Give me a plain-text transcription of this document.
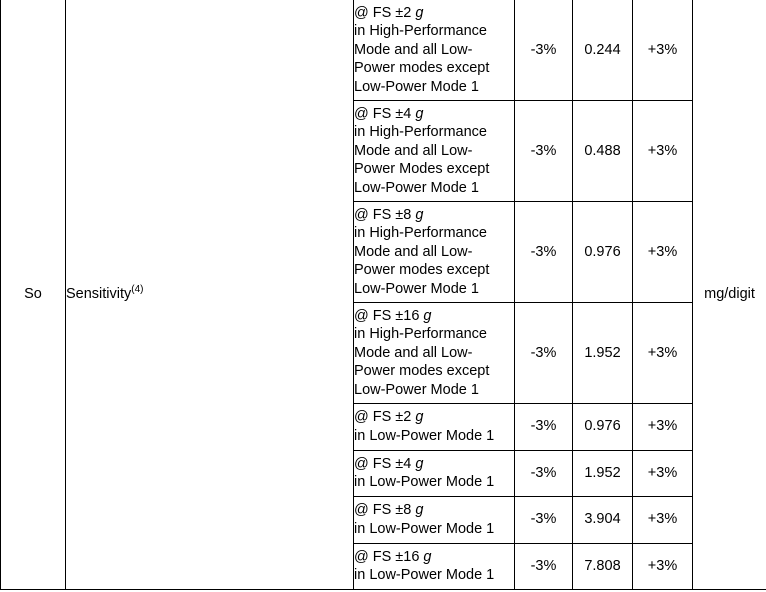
So	Sensitivity$^{(4)}$	@ FS ±2 g
in High-Performance
Mode and all Low-
Power modes except
Low-Power Mode 1	-3%	0.244	+3%	mg/digit

		@ FS ±4 g
in High-Performance
Mode and all Low-
Power Modes except
Low-Power Mode 1	-3%	0.488	+3%	

		@ FS ±8 g
in High-Performance
Mode and all Low-
Power modes except
Low-Power Mode 1	-3%	0.976	+3%	

		@ FS ±16 g
in High-Performance
Mode and all Low-
Power modes except
Low-Power Mode 1	-3%	1.952	+3%	

		@ FS ±2 g
in Low-Power Mode 1	-3%	0.976	+3%	

		@ FS ±4 g
in Low-Power Mode 1	-3%	1.952	+3%	

		@ FS ±8 g
in Low-Power Mode 1	-3%	3.904	+3%	

		@ FS ±16 g
in Low-Power Mode 1	-3%	7.808	+3%	
